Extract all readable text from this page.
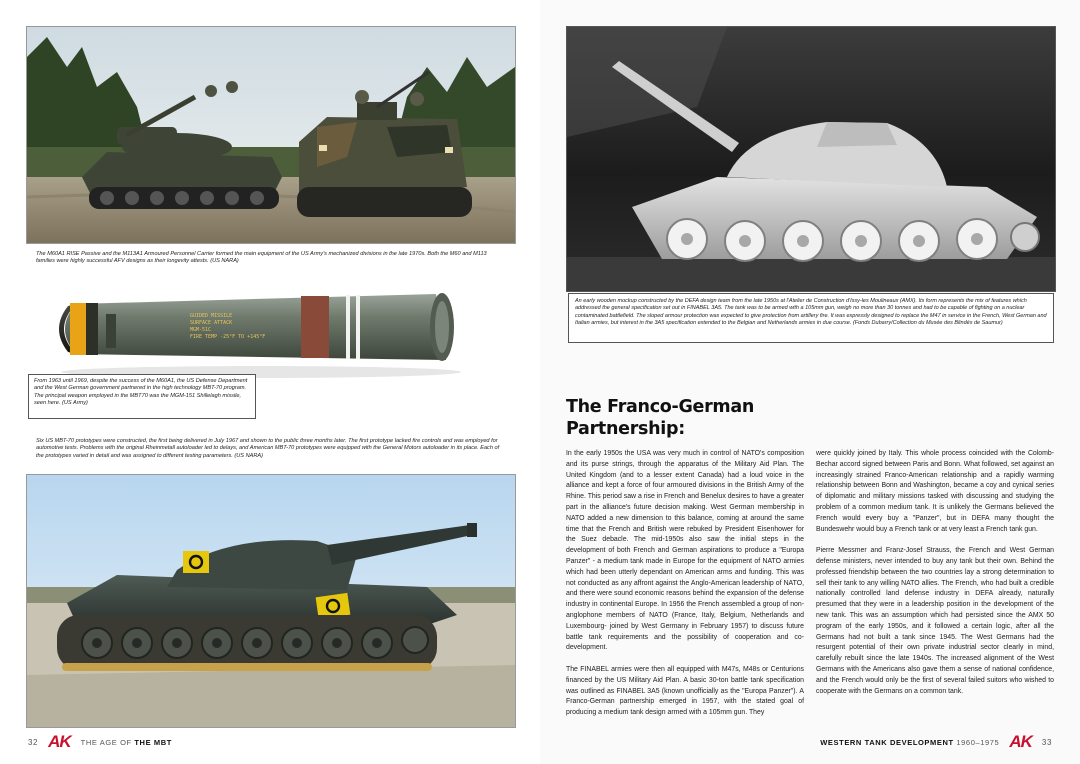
The M60A1 RISE Passive and the M113A1 Armoured Personnel Carrier formed the main equipment of the US Army's mechanized divisions in the late 1970s. Both the M60 and M113 families were highly successful AFV designs as their longevity attests. (US NARA)
GUIDED MISSILE
SURFACE ATTACK
MGM-51C
FIRE TEMP -25°F TO +145°F
From 1963 until 1969, despite the success of the M60A1, the US Defense Department and the West German government partnered in the high technology MBT-70 program. The principal weapon employed in the MBT70 was the MGM-151 Shillelagh missile, seen here. (US Army)
Six US MBT-70 prototypes were constructed, the first being delivered in July 1967 and shown to the public three months later. The first prototype lacked fire controls and was employed for automotive tests. Problems with the original Rheinmetall autoloader led to delays, and American MBT-70 prototypes were equipped with the General Motors autoloader in its place. Each of the prototypes varied in detail and was assigned to different testing parameters. (US NARA)
32 AK THE AGE OF THE MBT
An early wooden mockup constructed by the DEFA design team from the late 1950s at l'Atelier de Construction d'Issy-les Moulineaux (AMX). Its form represents the mix of features which addressed the general specification set out in FINABEL 3A5. The tank was to be armed with a 105mm gun, weigh no more than 30 tonnes and had to be capable of fighting on a nuclear contaminated battlefield. The sloped armour protection was expected to give protection from artillery fire. It was expressly designed to replace the M47 in service in the French, West German and Italian armies, but interest in the 3A5 specification extended to the Belgian and Netherlands armies in due course. (Fonds Dubarry/Collection du Musée des Blindés de Saumur)
The Franco-German
Partnership:

In the early 1950s the USA was very much in control of NATO's composition and its purse strings, through the apparatus of the Military Aid Plan. The United Kingdom (and to a lesser extent Canada) had a loud voice in the alliance and kept a force of four armoured divisions in the British Army of the Rhine. This period saw a rise in French and Benelux desires to have a greater part in the alliance's future decision making. West German membership in NATO added a new dimension to this balance, coming at around the same time that the French and British were rebuked by President Eisenhower for the Suez debacle. The mid-1950s also saw the initial steps in the development of both French and German aspirations to produce a "Europa Panzer" - a medium tank made in Europe for the equipment of NATO armies which had been utterly dependant on American arms and funding. This was not conducted as any affront against the Anglo-American leadership of NATO, and there were sound economic reasons behind the expansion of the defense industry in continental Europe. In 1956 the French assembled a group of non-anglophone members of NATO (France, Italy, Belgium, Netherlands and Luxembourg- joined by West Germany in February 1957) to discuss future battle tank requirements and the possibility of cooperation and co-development.

The FINABEL armies were then all equipped with M47s, M48s or Centurions financed by the US Military Aid Plan. A basic 30-ton battle tank specification was outlined as FINABEL 3A5 (known unofficially as the "Europa Panzer"). A Franco-German partnership emerged in 1957, with the stated goal of producing a medium tank design armed with a 105mm gun. They

were quickly joined by Italy. This whole process coincided with the Colomb-Bechar accord signed between Paris and Bonn. What followed, set against an increasingly strained Franco-American relationship and a rapidly warming relationship between Bonn and Washington, became a coy and cynical series of diplomatic and military missions tasked with discussing and studying the problem of a common medium tank. It is unlikely the Germans believed the French would every buy a "Panzer", but in DEFA many thought the Bundeswehr would buy a French tank or at very least a French tank gun.

Pierre Messmer and Franz-Josef Strauss, the French and West German defense ministers, never intended to buy any tank but their own. Behind the professed friendship between the two countries lay a strong determination to sell their tank to any willing NATO allies. The French, who had built a credible nationally controlled land defense industry in DEFA already, naturally presumed that they were in a leadership position in the development of the new tank. This was an assumption which had persisted since the AMX 50 program of the early 1950s, and it followed a certain logic, after all the Germans had not built a tank since 1945. The West Germans had the resurgent potential of their own private industrial sector clearly in mind, carefully rebuilt since the late 1940s. The increased alignment of the West Germans with the Americans also gave them a sense of national confidence, and the French would only be the first of several failed suitors who wished to cooperate with the Germans on a common tank.

WESTERN TANK DEVELOPMENT 1960–1975 AK 33
